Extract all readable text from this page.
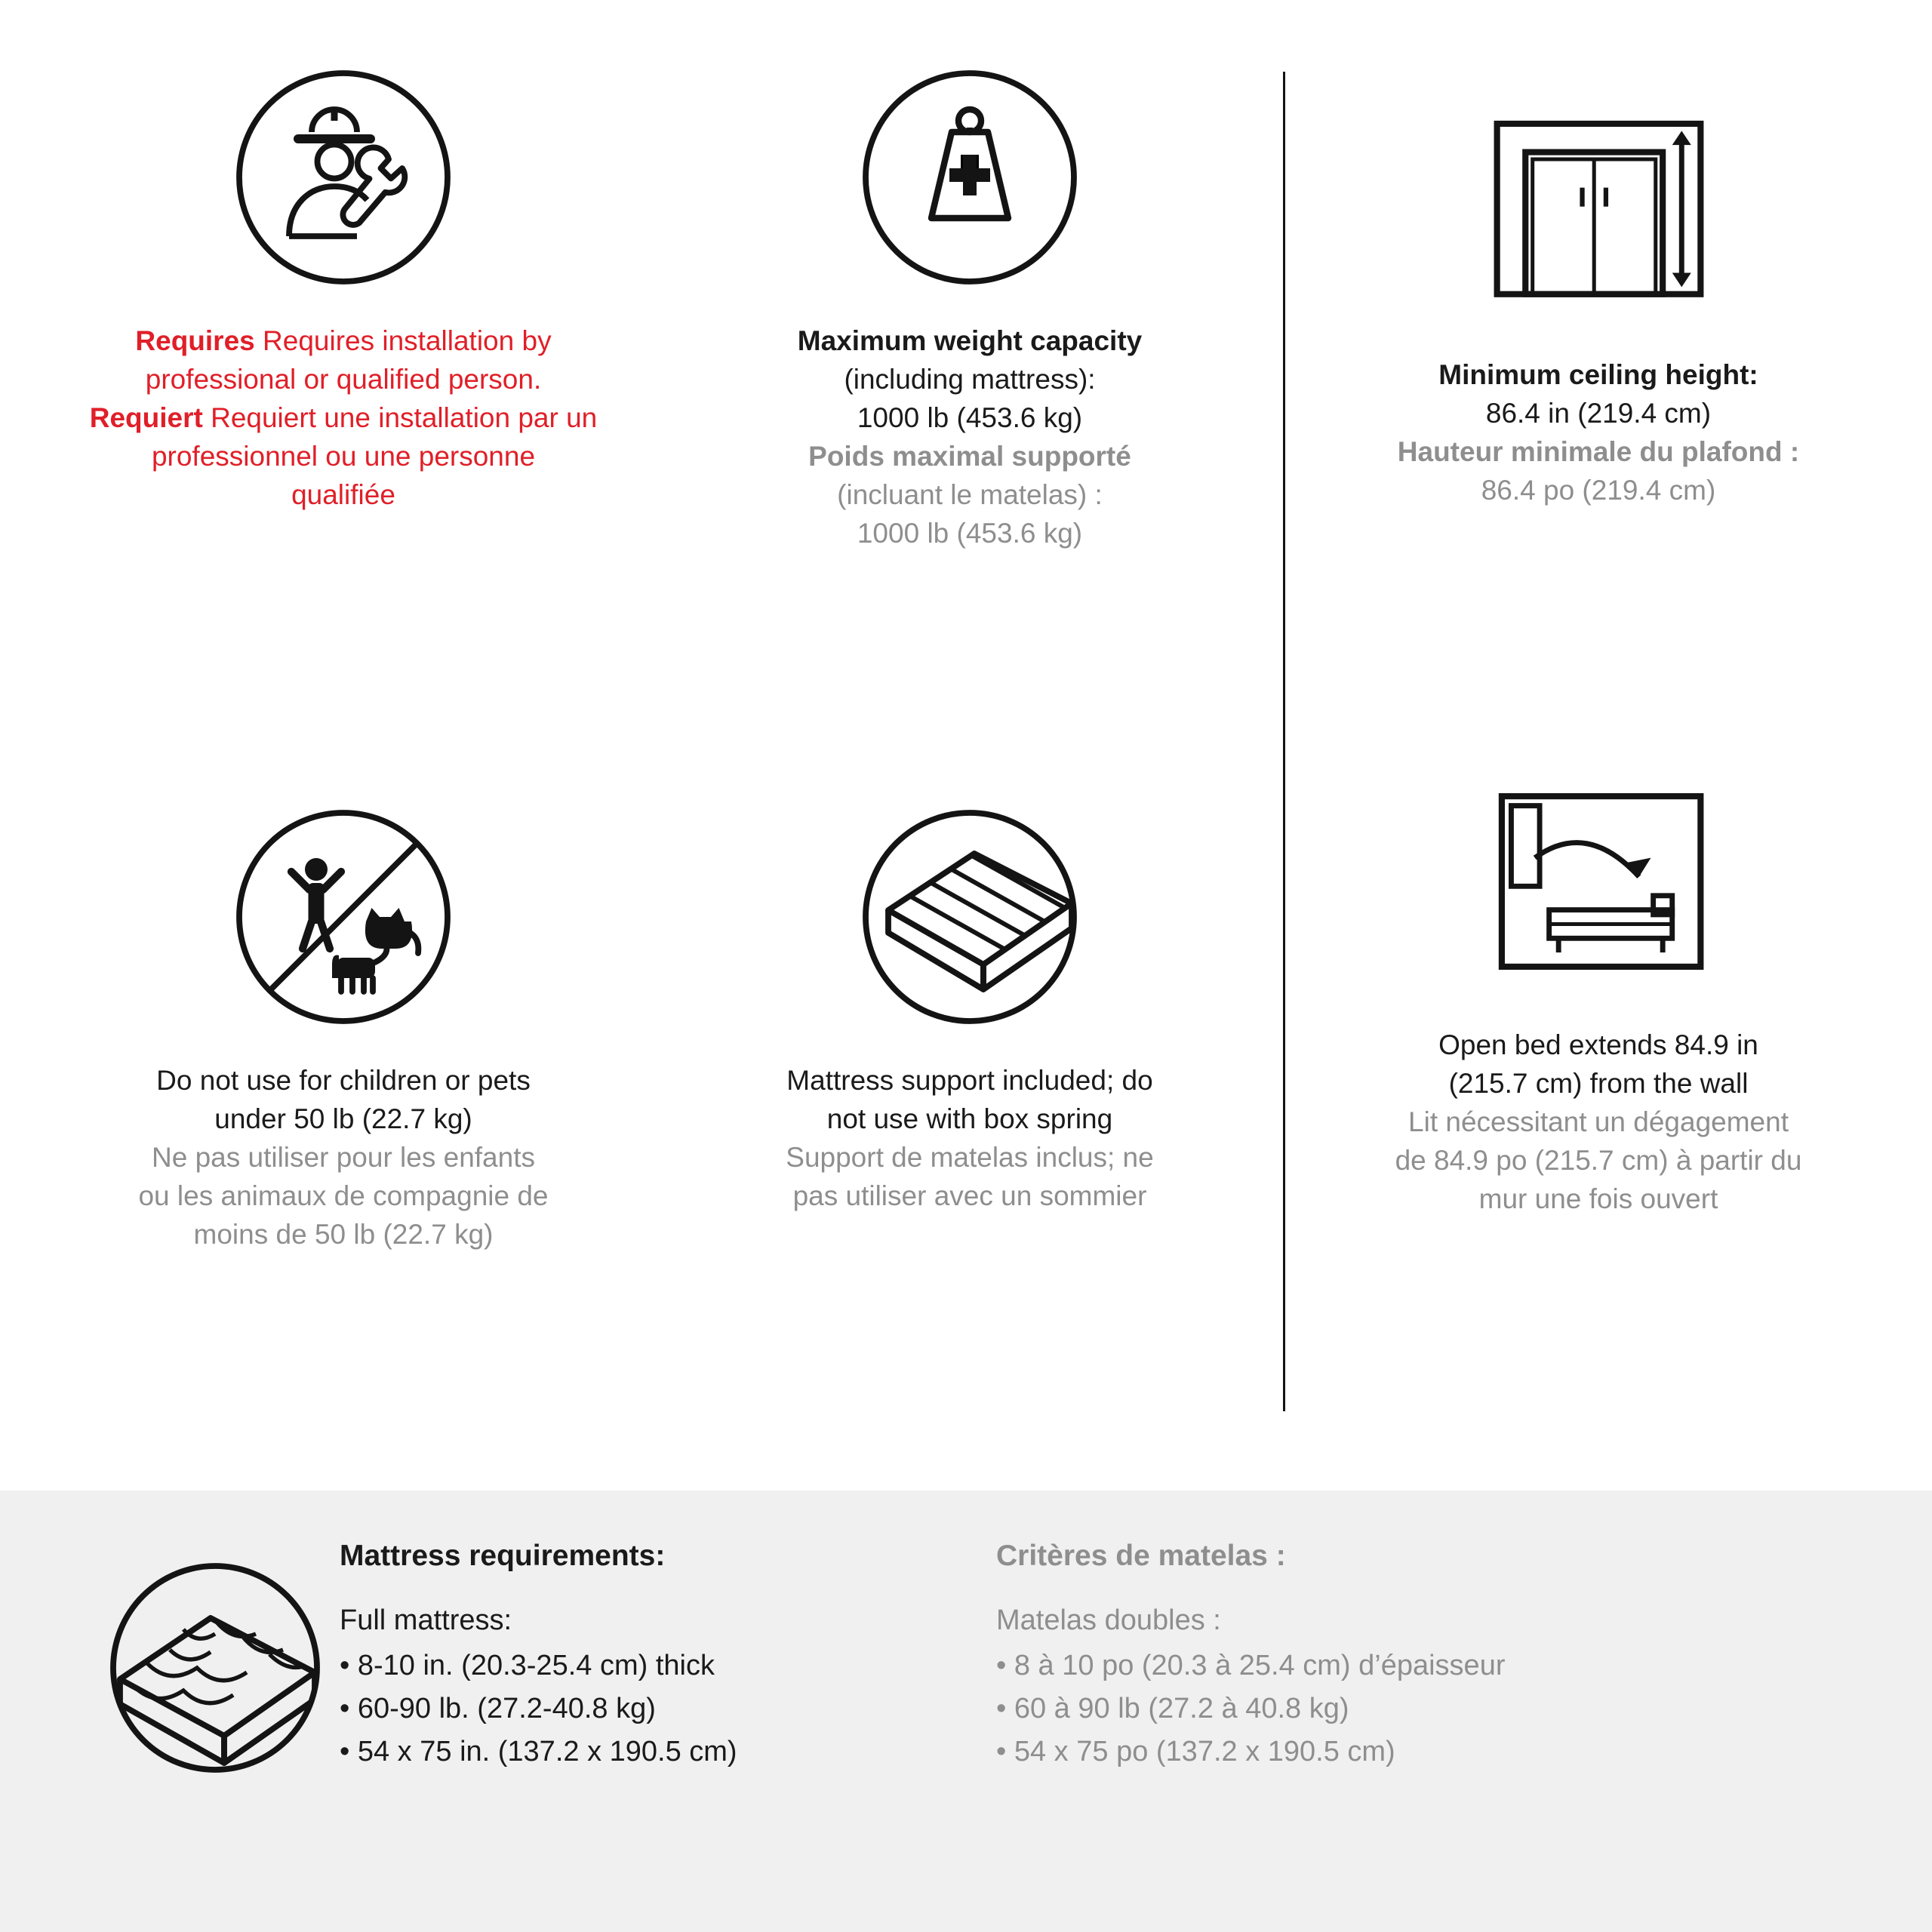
Requires Requires installation by
professional or qualified person.
Requiert Requiert une installation par un
professionnel ou une personne
qualifiée
Maximum weight capacity
(including mattress):
1000 lb (453.6 kg)
Poids maximal supporté
(incluant le matelas) :
1000 lb (453.6 kg)
Do not use for children or pets
under 50 lb (22.7 kg)
Ne pas utiliser pour les enfants
ou les animaux de compagnie de
moins de 50 lb (22.7 kg)
Mattress support included; do
not use with box spring
Support de matelas inclus; ne
pas utiliser avec un sommier
Minimum ceiling height:
86.4 in (219.4 cm)
Hauteur minimale du plafond :
86.4 po (219.4 cm)
Open bed extends 84.9 in
(215.7 cm) from the wall
Lit nécessitant un dégagement
de 84.9 po (215.7 cm) à partir du
mur une fois ouvert
Mattress requirements:
Full mattress:
• 8-10 in. (20.3-25.4 cm) thick
• 60-90 lb. (27.2-40.8 kg)
• 54 x 75 in. (137.2 x 190.5 cm)
Critères de matelas :
Matelas doubles :
• 8 à 10 po (20.3 à 25.4 cm) d’épaisseur
• 60 à 90 lb (27.2 à 40.8 kg)
• 54 x 75 po (137.2 x 190.5 cm)
